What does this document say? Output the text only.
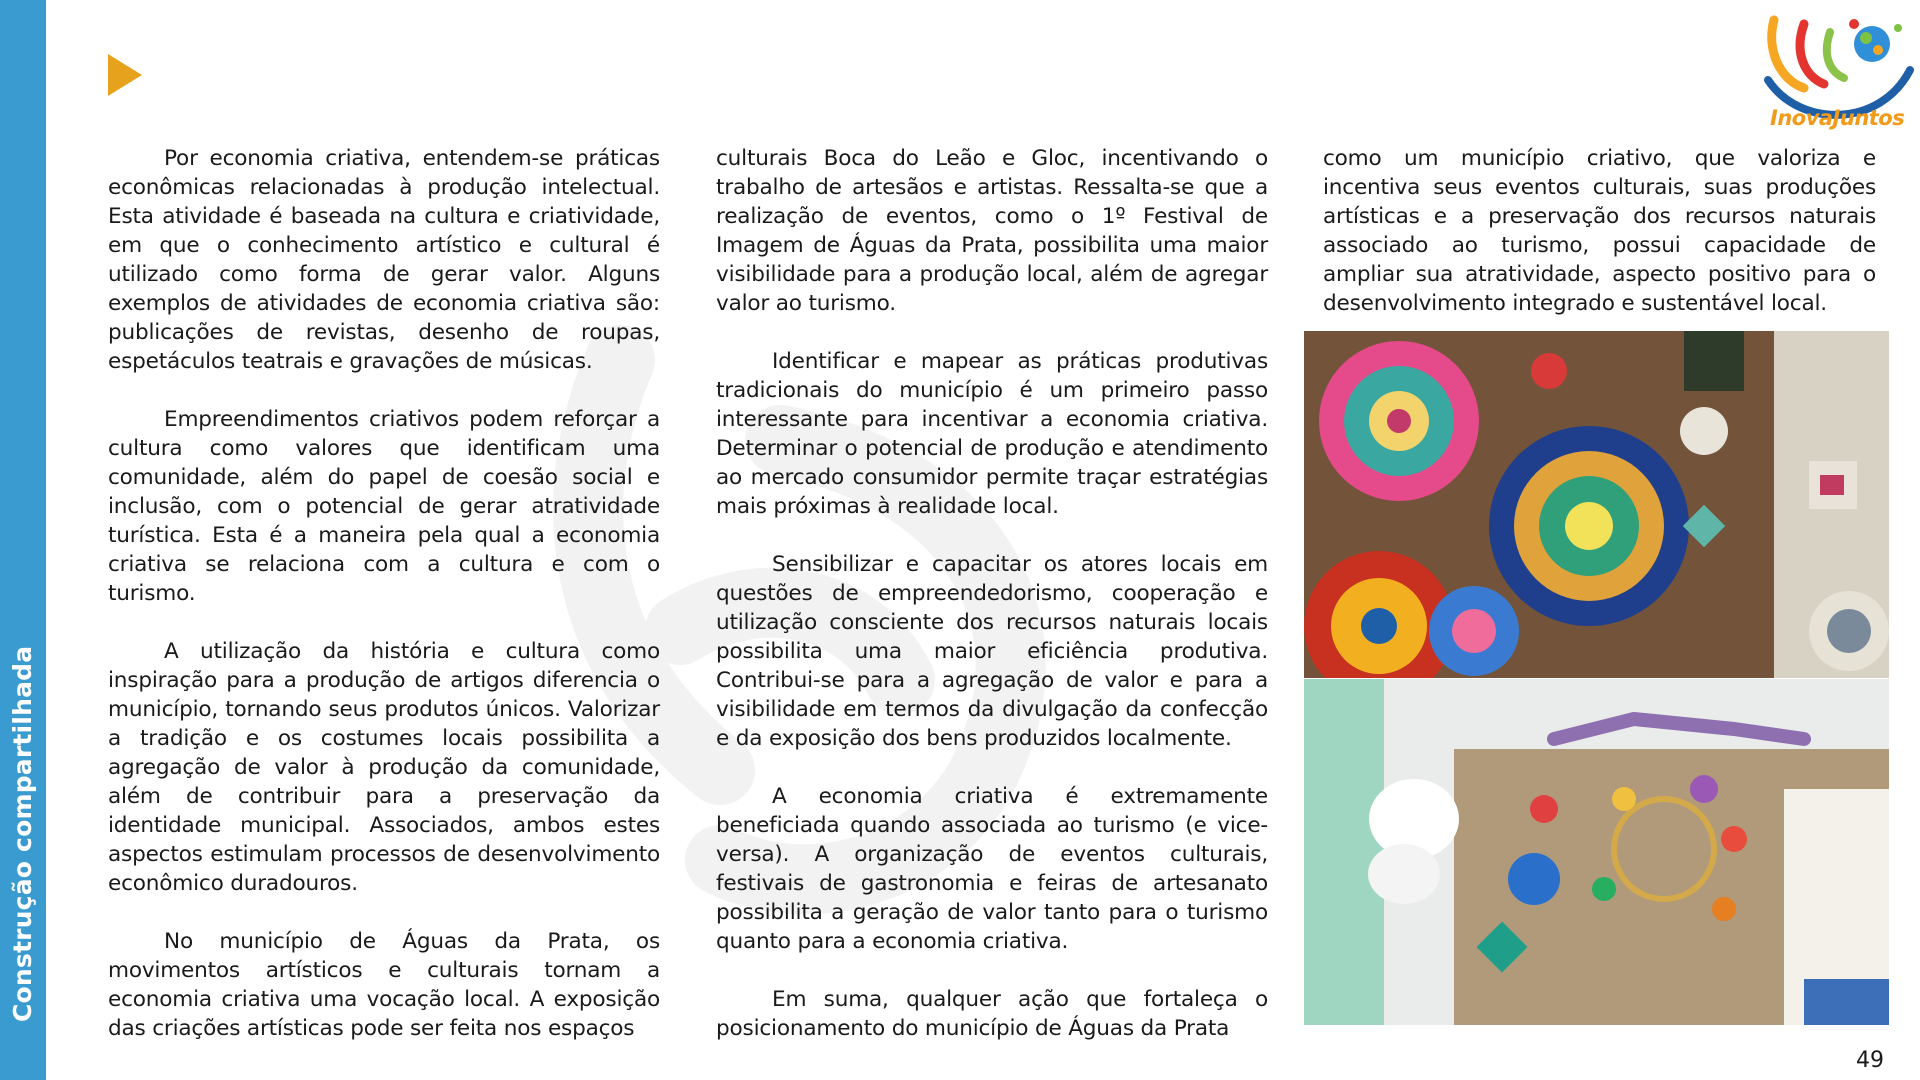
Construção compartilhada
InovaJuntos

Por economia criativa, entendem-se práticas econômicas relacionadas à produção intelectual. Esta atividade é baseada na cultura e criatividade, em que o conhecimento artístico e cultural é utilizado como forma de gerar valor. Alguns exemplos de atividades de economia criativa são: publicações de revistas, desenho de roupas, espetáculos teatrais e gravações de músicas.

Empreendimentos criativos podem reforçar a cultura como valores que identificam uma comunidade, além do papel de coesão social e inclusão, com o potencial de gerar atratividade turística. Esta é a maneira pela qual a economia criativa se relaciona com a cultura e com o turismo.

A utilização da história e cultura como inspiração para a produção de artigos diferencia o município, tornando seus produtos únicos. Valorizar a tradição e os costumes locais possibilita a agregação de valor à produção da comunidade, além de contribuir para a preservação da identidade municipal. Associados, ambos estes aspectos estimulam processos de desenvolvimento econômico duradouros.

No município de Águas da Prata, os movimentos artísticos e culturais tornam a economia criativa uma vocação local. A exposição das criações artísticas pode ser feita nos espaços

culturais Boca do Leão e Gloc, incentivando o trabalho de artesãos e artistas. Ressalta-se que a realização de eventos, como o 1º Festival de Imagem de Águas da Prata, possibilita uma maior visibilidade para a produção local, além de agregar valor ao turismo.

Identificar e mapear as práticas produtivas tradicionais do município é um primeiro passo interessante para incentivar a economia criativa. Determinar o potencial de produção e atendimento ao mercado consumidor permite traçar estratégias mais próximas à realidade local.

Sensibilizar e capacitar os atores locais em questões de empreendedorismo, cooperação e utilização consciente dos recursos naturais locais possibilita uma maior eficiência produtiva. Contribui-se para a agregação de valor e para a visibilidade em termos da divulgação da confecção e da exposição dos bens produzidos localmente.

A economia criativa é extremamente beneficiada quando associada ao turismo (e vice-versa). A organização de eventos culturais, festivais de gastronomia e feiras de artesanato possibilita a geração de valor tanto para o turismo quanto para a economia criativa.

Em suma, qualquer ação que fortaleça o posicionamento do município de Águas da Prata

como um município criativo, que valoriza e incentiva seus eventos culturais, suas produções artísticas e a preservação dos recursos naturais associado ao turismo, possui capacidade de ampliar sua atratividade, aspecto positivo para o desenvolvimento integrado e sustentável local.

49
